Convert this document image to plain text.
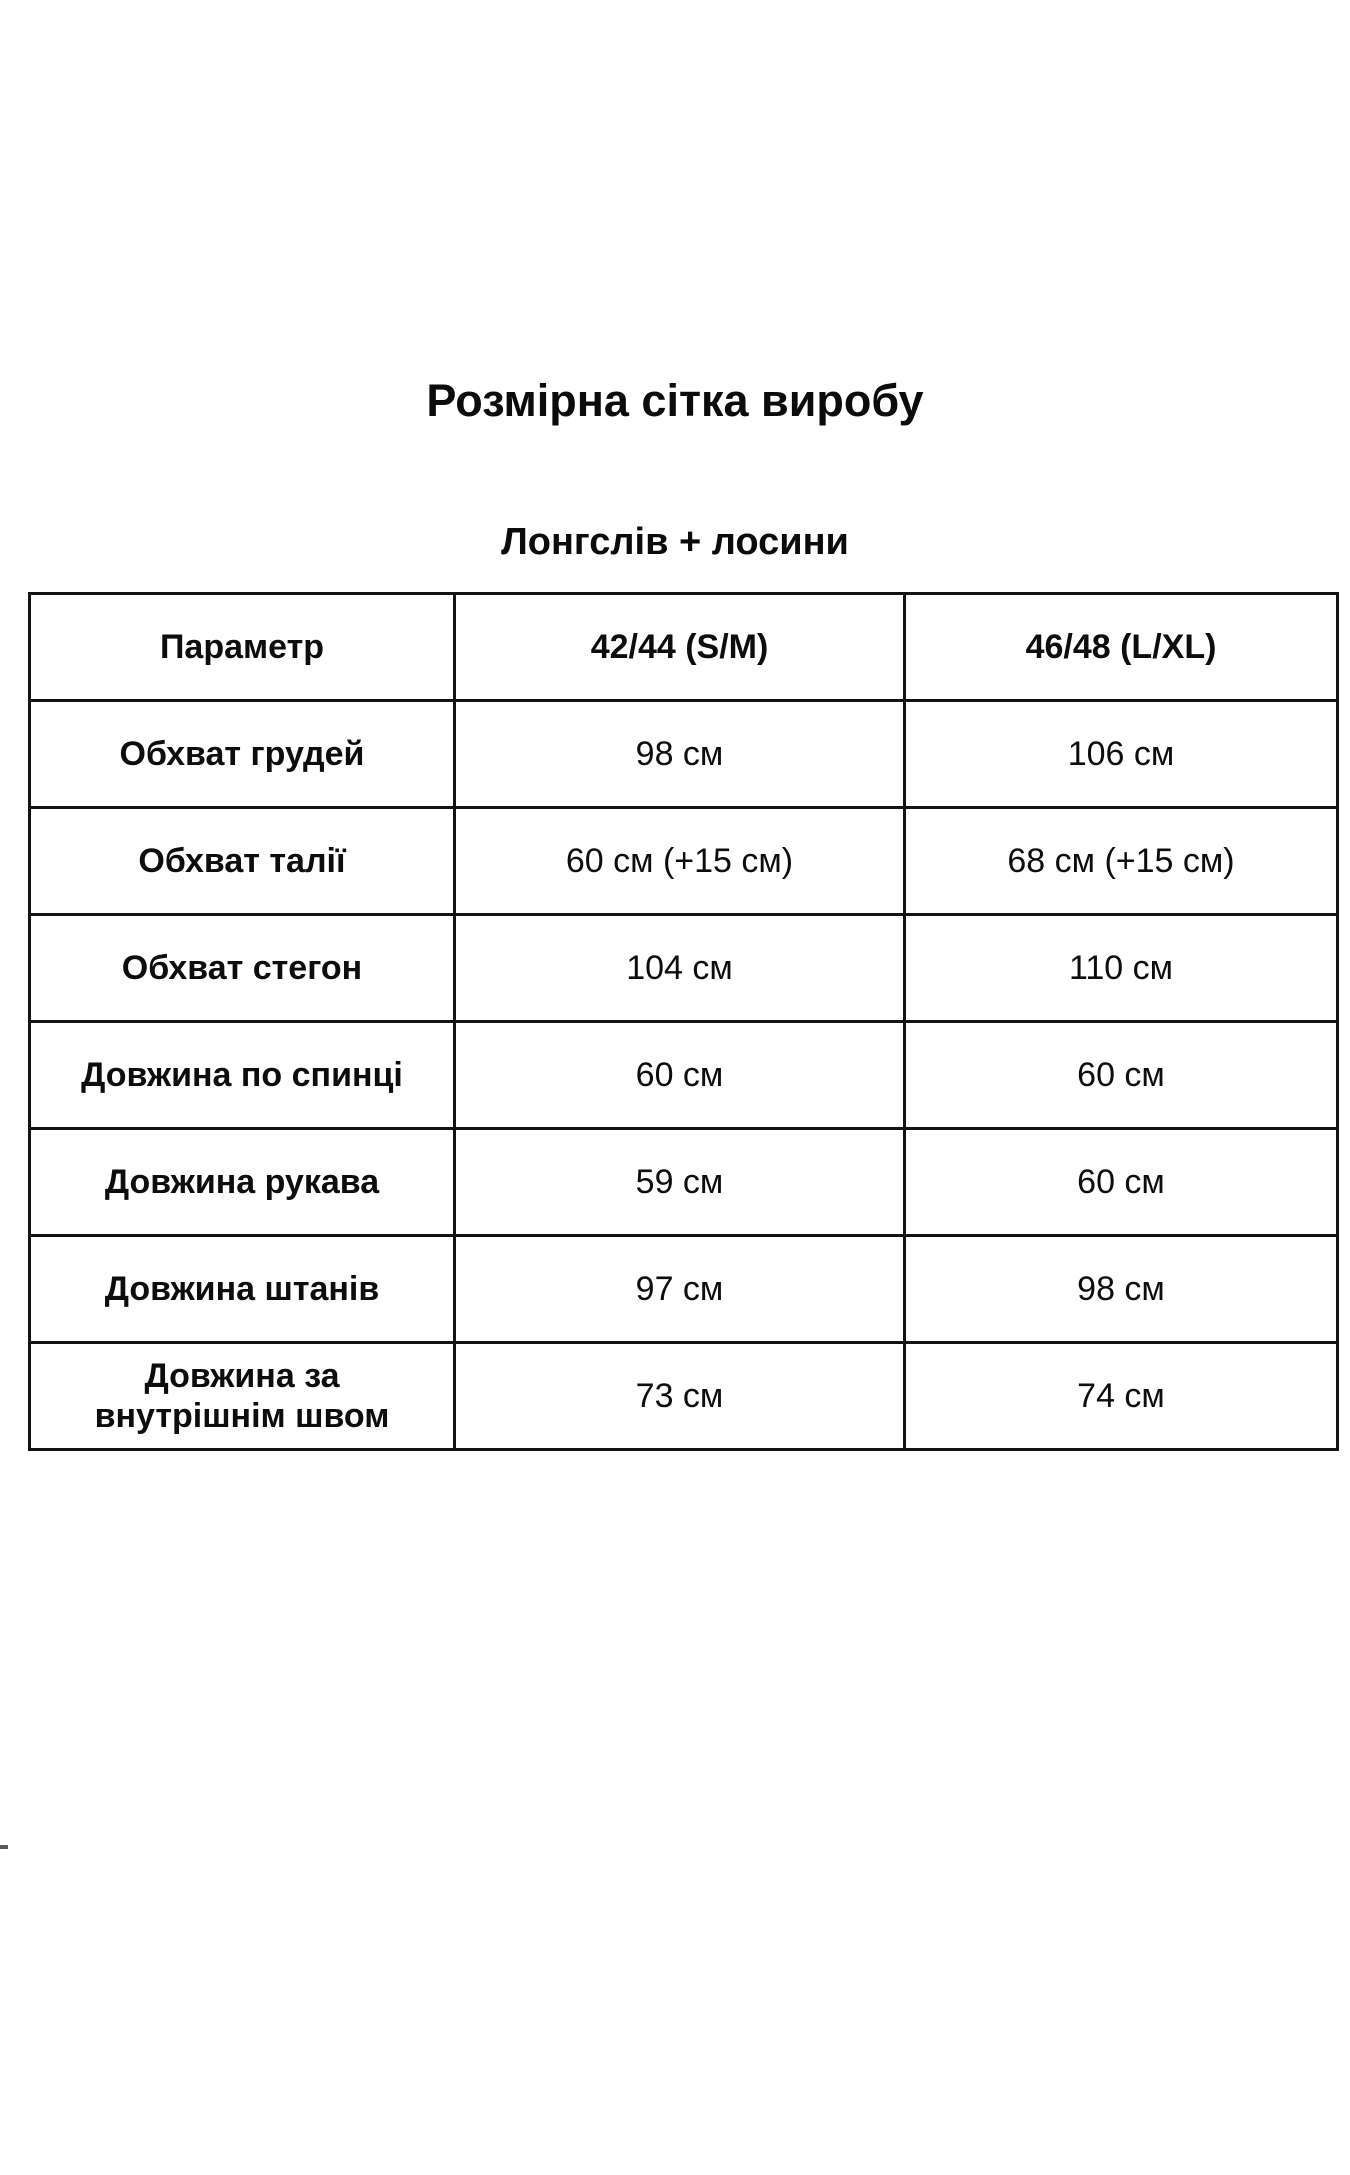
Розмірна сітка виробу
Лонгслів + лосини
Параметр	42/44 (S/M)	46/48 (L/XL)
Обхват грудей	98 см	106 см
Обхват талії	60 см (+15 см)	68 см (+15 см)
Обхват стегон	104 см	110 см
Довжина по спинці	60 см	60 см
Довжина рукава	59 см	60 см
Довжина штанів	97 см	98 см
Довжина за внутрішнім швом	73 см	74 см
